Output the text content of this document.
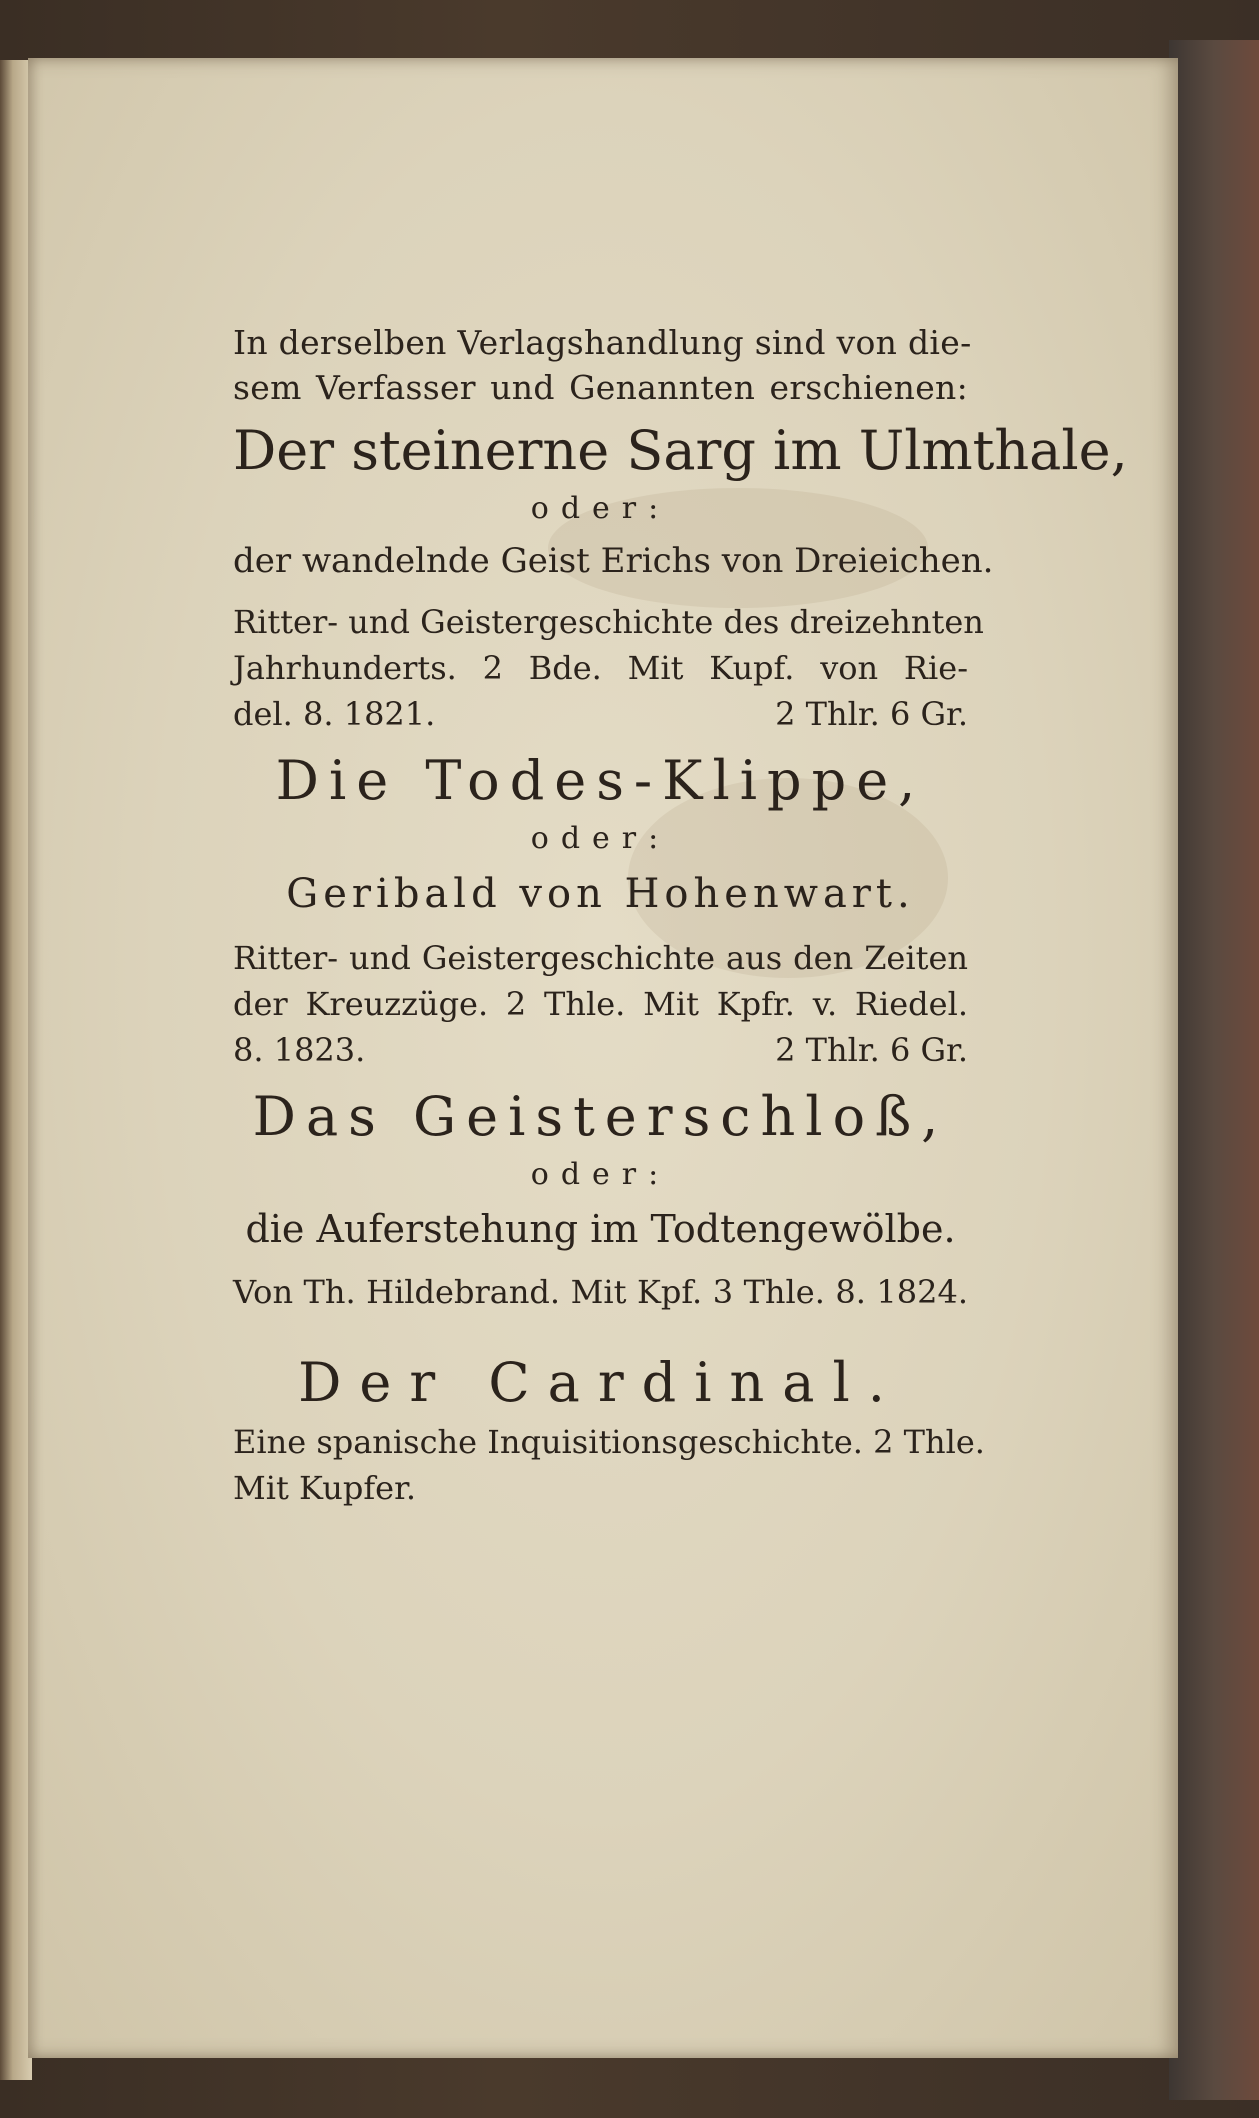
In derselben Verlagshandlung sind von die-
sem Verfasser und Genannten erschienen:
Der steinerne Sarg im Ulmthale,
oder:
der wandelnde Geist Erichs von Dreieichen.
Ritter- und Geistergeschichte des dreizehnten
Jahrhunderts. 2 Bde. Mit Kupf. von Rie-
del. 8. 1821.	2 Thlr. 6 Gr.
Die Todes-Klippe,
oder:
Geribald von Hohenwart.
Ritter- und Geistergeschichte aus den Zeiten
der Kreuzzüge. 2 Thle. Mit Kpfr. v. Riedel.
8. 1823.	2 Thlr. 6 Gr.
Das Geisterschloß,
oder:
die Auferstehung im Todtengewölbe.
Von Th. Hildebrand. Mit Kpf. 3 Thle. 8. 1824.
Der Cardinal.
Eine spanische Inquisitionsgeschichte. 2 Thle.
Mit Kupfer.
